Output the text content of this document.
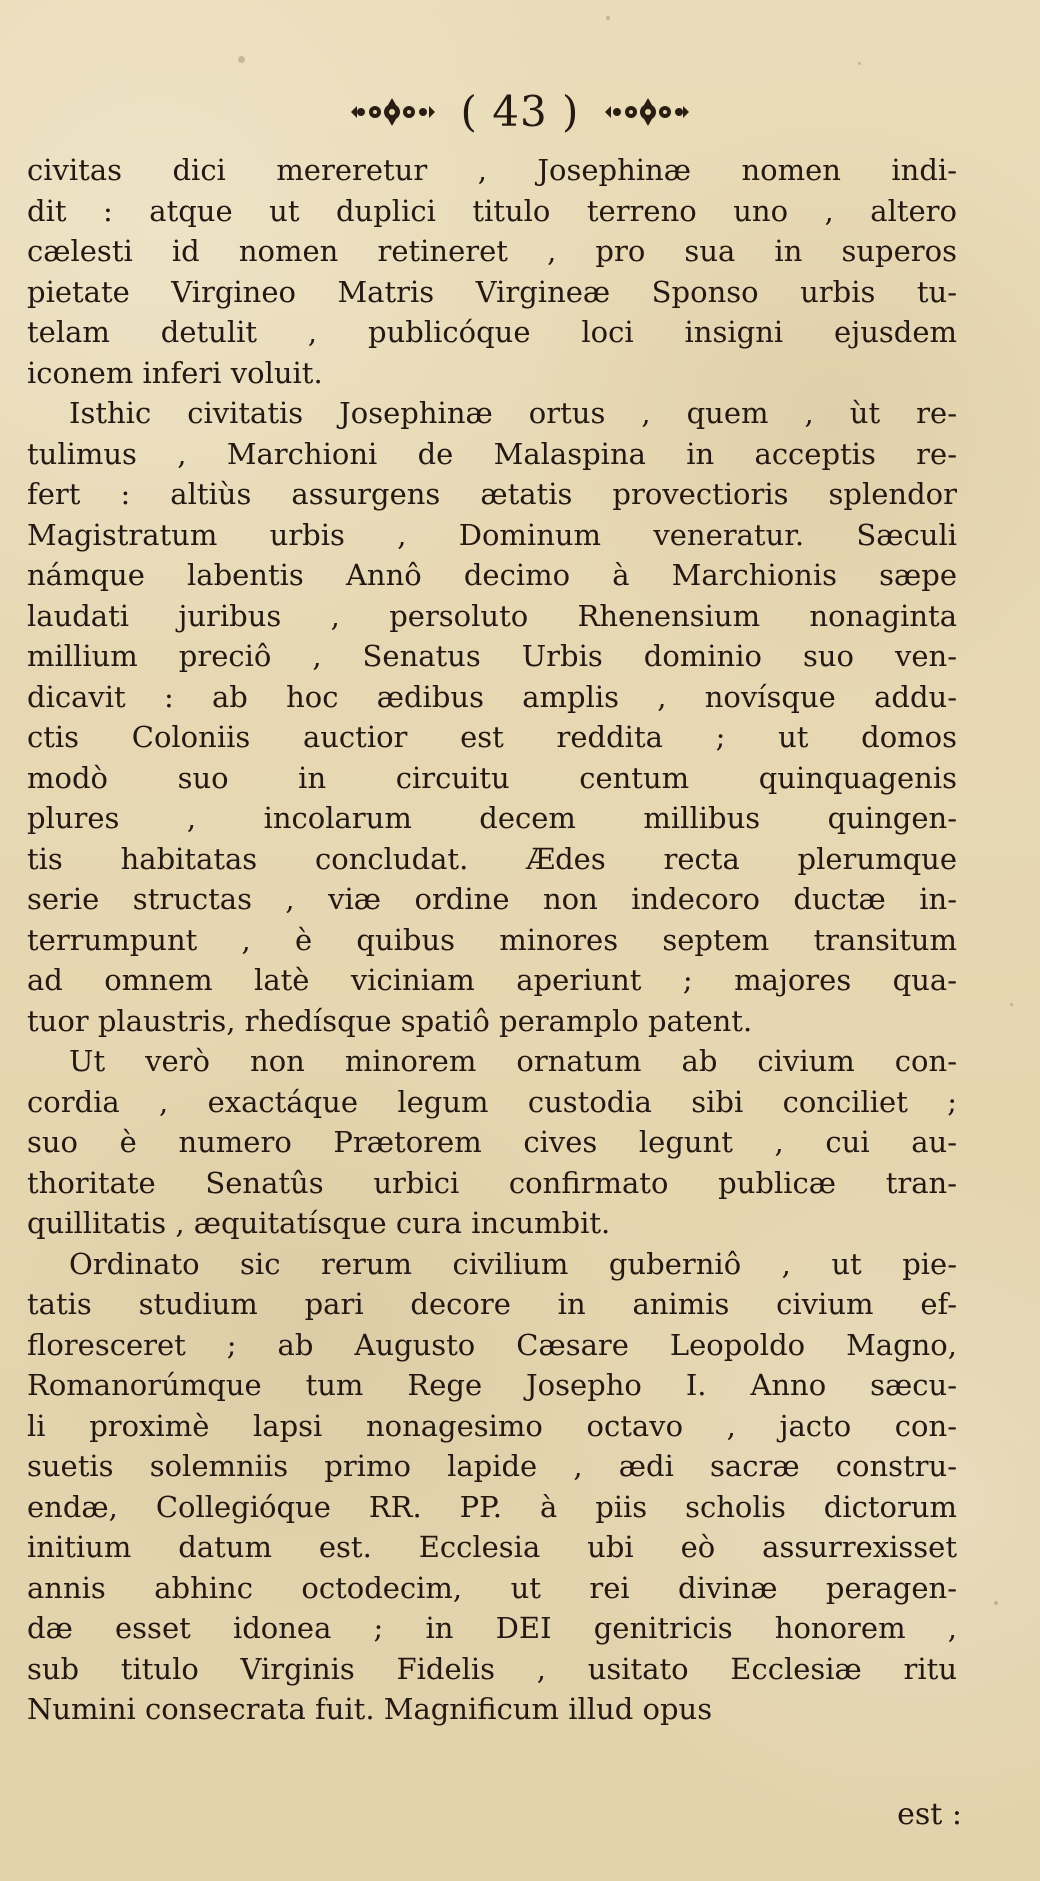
( 43 )
civitas dici mereretur , Josephinæ nomen indi-
dit : atque ut duplici titulo terreno uno , altero
cælesti id nomen retineret , pro sua in superos
pietate Virgineo Matris Virgineæ Sponso urbis tu-
telam detulit , publicóque loci insigni ejusdem
iconem inferi voluit.
Isthic civitatis Josephinæ ortus , quem , ùt re-
tulimus , Marchioni de Malaspina in acceptis re-
fert : altiùs assurgens ætatis provectioris splendor
Magistratum urbis , Dominum veneratur. Sæculi
námque labentis Annô decimo à Marchionis sæpe
laudati juribus , persoluto Rhenensium nonaginta
millium preciô , Senatus Urbis dominio suo ven-
dicavit : ab hoc ædibus amplis , novísque addu-
ctis Coloniis auctior est reddita ; ut domos
modò suo in circuitu centum quinquagenis
plures , incolarum decem millibus quingen-
tis habitatas concludat. Ædes recta plerumque
serie structas , viæ ordine non indecoro ductæ in-
terrumpunt , è quibus minores septem transitum
ad omnem latè viciniam aperiunt ; majores qua-
tuor plaustris, rhedísque spatiô peramplo patent.
Ut verò non minorem ornatum ab civium con-
cordia , exactáque legum custodia sibi conciliet ;
suo è numero Prætorem cives legunt , cui au-
thoritate Senatûs urbici confirmato publicæ tran-
quillitatis , æquitatísque cura incumbit.
Ordinato sic rerum civilium guberniô , ut pie-
tatis studium pari decore in animis civium ef-
floresceret ; ab Augusto Cæsare Leopoldo Magno,
Romanorúmque tum Rege Josepho I. Anno sæcu-
li proximè lapsi nonagesimo octavo , jacto con-
suetis solemniis primo lapide , ædi sacræ constru-
endæ, Collegióque RR. PP. à piis scholis dictorum
initium datum est. Ecclesia ubi eò assurrexisset
annis abhinc octodecim, ut rei divinæ peragen-
dæ esset idonea ; in DEI genitricis honorem ,
sub titulo Virginis Fidelis , usitato Ecclesiæ ritu
Numini consecrata fuit. Magnificum illud opus
est :
